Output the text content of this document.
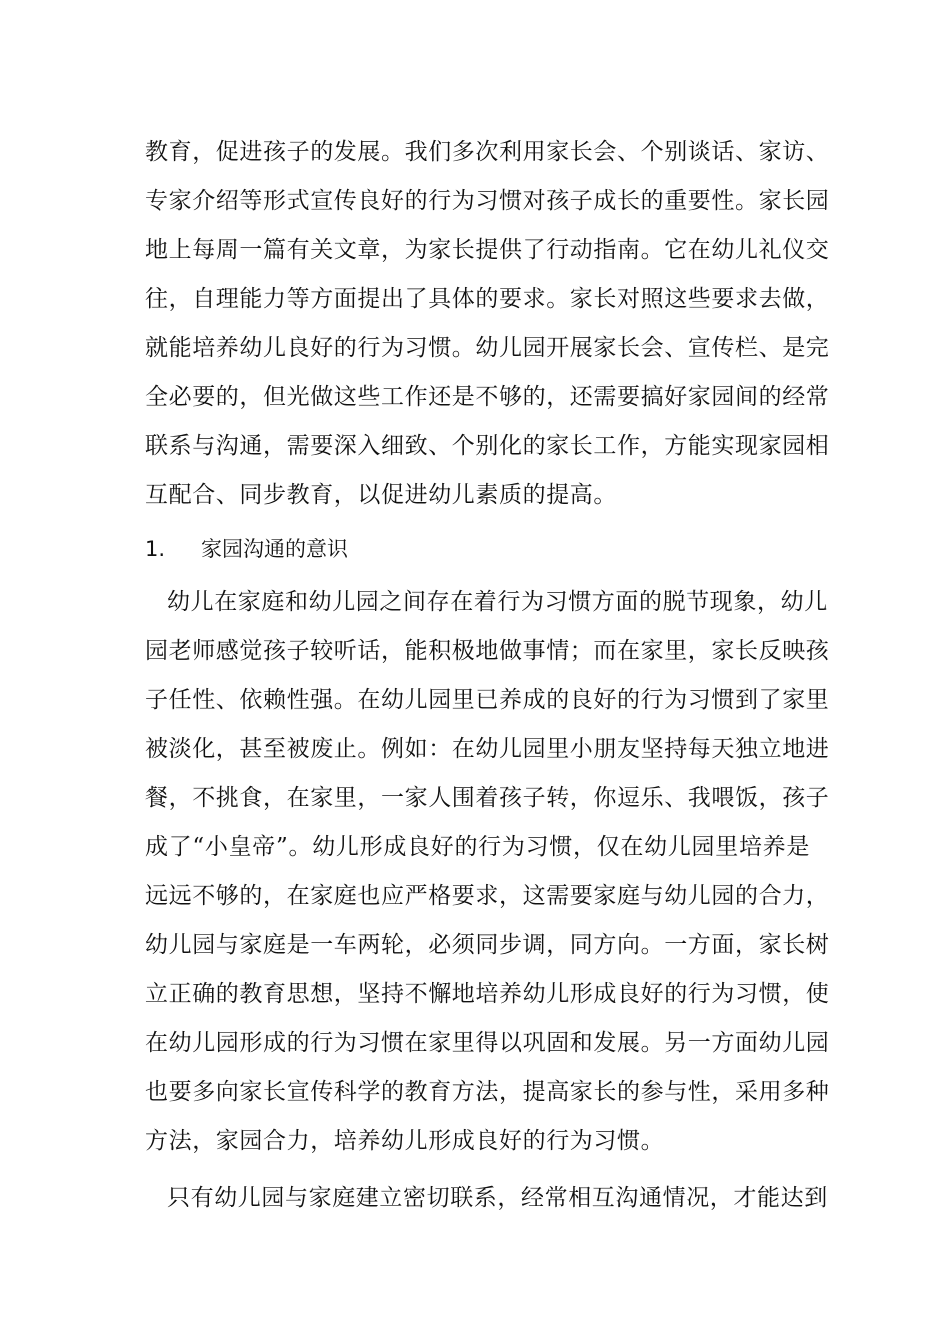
教育，促进孩子的发展。我们多次利用家长会、个别谈话、家访、
专家介绍等形式宣传良好的行为习惯对孩子成长的重要性。家长园
地上每周一篇有关文章，为家长提供了行动指南。它在幼儿礼仪交
往，自理能力等方面提出了具体的要求。家长对照这些要求去做，
就能培养幼儿良好的行为习惯。幼儿园开展家长会、宣传栏、是完
全必要的，但光做这些工作还是不够的，还需要搞好家园间的经常
联系与沟通，需要深入细致、个别化的家长工作，方能实现家园相
互配合、同步教育，以促进幼儿素质的提高。
1. 家园沟通的意识
幼儿在家庭和幼儿园之间存在着行为习惯方面的脱节现象，幼儿
园老师感觉孩子较听话，能积极地做事情；而在家里，家长反映孩
子任性、依赖性强。在幼儿园里已养成的良好的行为习惯到了家里
被淡化，甚至被废止。例如：在幼儿园里小朋友坚持每天独立地进
餐，不挑食，在家里，一家人围着孩子转，你逗乐、我喂饭，孩子
成了“小皇帝”。幼儿形成良好的行为习惯，仅在幼儿园里培养是
远远不够的，在家庭也应严格要求，这需要家庭与幼儿园的合力，
幼儿园与家庭是一车两轮，必须同步调，同方向。一方面，家长树
立正确的教育思想，坚持不懈地培养幼儿形成良好的行为习惯，使
在幼儿园形成的行为习惯在家里得以巩固和发展。另一方面幼儿园
也要多向家长宣传科学的教育方法，提高家长的参与性，采用多种
方法，家园合力，培养幼儿形成良好的行为习惯。
只有幼儿园与家庭建立密切联系，经常相互沟通情况，才能达到
